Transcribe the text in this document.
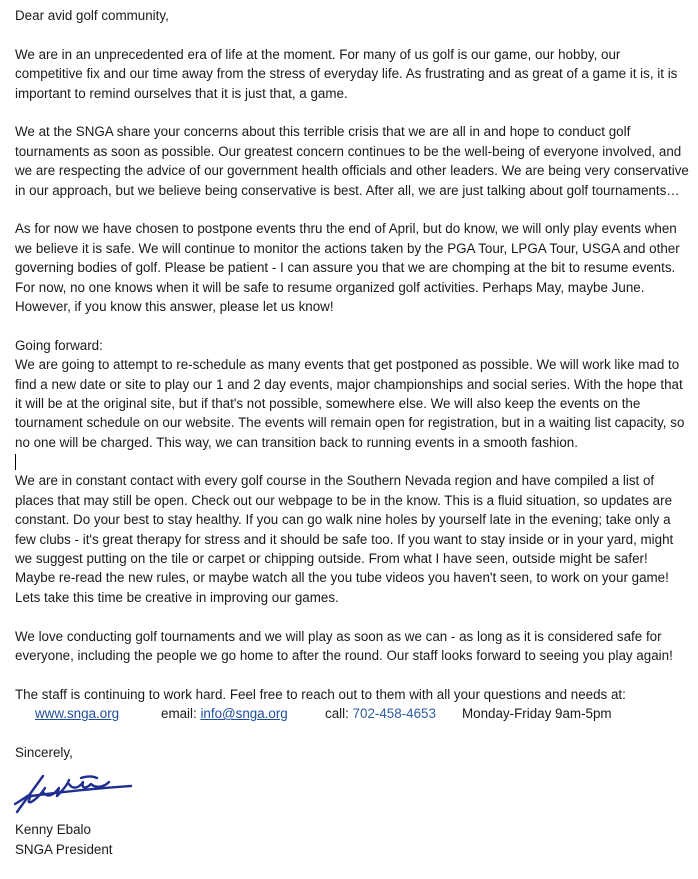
Dear avid golf community,

We are in an unprecedented era of life at the moment. For many of us golf is our game, our hobby, our competitive fix and our time away from the stress of everyday life. As frustrating and as great of a game it is, it is important to remind ourselves that it is just that, a game.

We at the SNGA share your concerns about this terrible crisis that we are all in and hope to conduct golf tournaments as soon as possible. Our greatest concern continues to be the well-being of everyone involved, and we are respecting the advice of our government health officials and other leaders. We are being very conservative in our approach, but we believe being conservative is best. After all, we are just talking about golf tournaments…

As for now we have chosen to postpone events thru the end of April, but do know, we will only play events when we believe it is safe. We will continue to monitor the actions taken by the PGA Tour, LPGA Tour, USGA and other governing bodies of golf. Please be patient - I can assure you that we are chomping at the bit to resume events. For now, no one knows when it will be safe to resume organized golf activities. Perhaps May, maybe June. However, if you know this answer, please let us know!

Going forward:

We are going to attempt to re-schedule as many events that get postponed as possible. We will work like mad to find a new date or site to play our 1 and 2 day events, major championships and social series. With the hope that it will be at the original site, but if that's not possible, somewhere else. We will also keep the events on the tournament schedule on our website. The events will remain open for registration, but in a waiting list capacity, so no one will be charged. This way, we can transition back to running events in a smooth fashion.

We are in constant contact with every golf course in the Southern Nevada region and have compiled a list of places that may still be open. Check out our webpage to be in the know. This is a fluid situation, so updates are constant. Do your best to stay healthy. If you can go walk nine holes by yourself late in the evening; take only a few clubs - it's great therapy for stress and it should be safe too. If you want to stay inside or in your yard, might we suggest putting on the tile or carpet or chipping outside. From what I have seen, outside might be safer! Maybe re-read the new rules, or maybe watch all the you tube videos you haven't seen, to work on your game! Lets take this time be creative in improving our games.

We love conducting golf tournaments and we will play as soon as we can - as long as it is considered safe for everyone, including the people we go home to after the round. Our staff looks forward to seeing you play again!

The staff is continuing to work hard. Feel free to reach out to them with all your questions and needs at:

www.snga.org	email: info@snga.org	call: 702-458-4653 Monday-Friday 9am-5pm

Sincerely,

Kenny Ebalo

SNGA President
